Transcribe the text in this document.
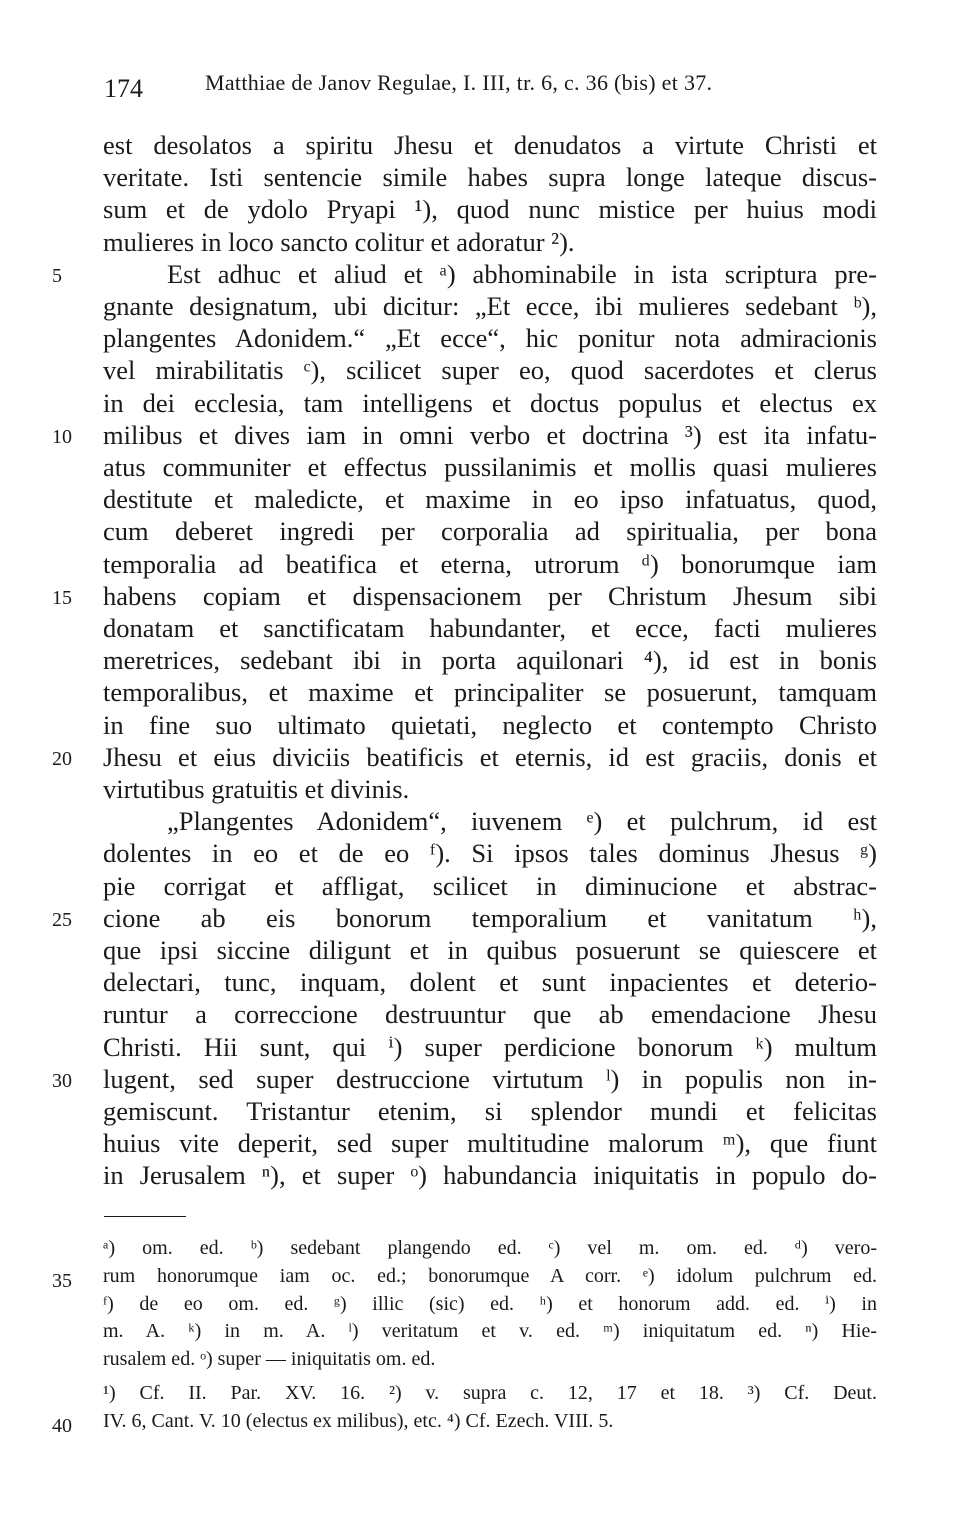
174	Matthiae de Janov Regulae, I. III, tr. 6, c. 36 (bis) et 37.
est desolatos a spiritu Jhesu et denudatos a virtute Christi et
veritate. Isti sentencie simile habes supra longe lateque discus-
sum et de ydolo Pryapi ¹), quod nunc mistice per huius modi
mulieres in loco sancto colitur et adoratur ²).
Est adhuc et aliud et ᵃ) abhominabile in ista scriptura pre-
5
gnante designatum, ubi dicitur: „Et ecce, ibi mulieres sedebant ᵇ),
plangentes Adonidem.“ „Et ecce“, hic ponitur nota admiracionis
vel mirabilitatis ᶜ), scilicet super eo, quod sacerdotes et clerus
in dei ecclesia, tam intelligens et doctus populus et electus ex
milibus et dives iam in omni verbo et doctrina ³) est ita infatu-
10
atus communiter et effectus pussilanimis et mollis quasi mulieres
destitute et maledicte, et maxime in eo ipso infatuatus, quod,
cum deberet ingredi per corporalia ad spiritualia, per bona
temporalia ad beatifica et eterna, utrorum ᵈ) bonorumque iam
habens copiam et dispensacionem per Christum Jhesum sibi
15
donatam et sanctificatam habundanter, et ecce, facti mulieres
meretrices, sedebant ibi in porta aquilonari ⁴), id est in bonis
temporalibus, et maxime et principaliter se posuerunt, tamquam
in fine suo ultimato quietati, neglecto et contempto Christo
Jhesu et eius diviciis beatificis et eternis, id est graciis, donis et
20
virtutibus gratuitis et divinis.
„Plangentes Adonidem“, iuvenem ᵉ) et pulchrum, id est
dolentes in eo et de eo ᶠ). Si ipsos tales dominus Jhesus ᵍ)
pie corrigat et affligat, scilicet in diminucione et abstrac-
cione ab eis bonorum temporalium et vanitatum ʰ),
25
que ipsi siccine diligunt et in quibus posuerunt se quiescere et
delectari, tunc, inquam, dolent et sunt inpacientes et deterio-
runtur a correccione destruuntur que ab emendacione Jhesu
Christi. Hii sunt, qui ⁱ) super perdicione bonorum ᵏ) multum
lugent, sed super destruccione virtutum ˡ) in populis non in-
30
gemiscunt. Tristantur etenim, si splendor mundi et felicitas
huius vite deperit, sed super multitudine malorum ᵐ), que fiunt
in Jerusalem ⁿ), et super ᵒ) habundancia iniquitatis in populo do-
ᵃ) om. ed. ᵇ) sedebant plangendo ed. ᶜ) vel m. om. ed. ᵈ) vero-
rum honorumque iam oc. ed.; bonorumque A corr. ᵉ) idolum pulchrum ed.
35
ᶠ) de eo om. ed. ᵍ) illic (sic) ed. ʰ) et honorum add. ed. ⁱ) in
m. A. ᵏ) in m. A. ˡ) veritatum et v. ed. ᵐ) iniquitatum ed. ⁿ) Hie-
rusalem ed. ᵒ) super — iniquitatis om. ed.
¹) Cf. II. Par. XV. 16. ²) v. supra c. 12, 17 et 18. ³) Cf. Deut.
IV. 6, Cant. V. 10 (electus ex milibus), etc. ⁴) Cf. Ezech. VIII. 5.
40
